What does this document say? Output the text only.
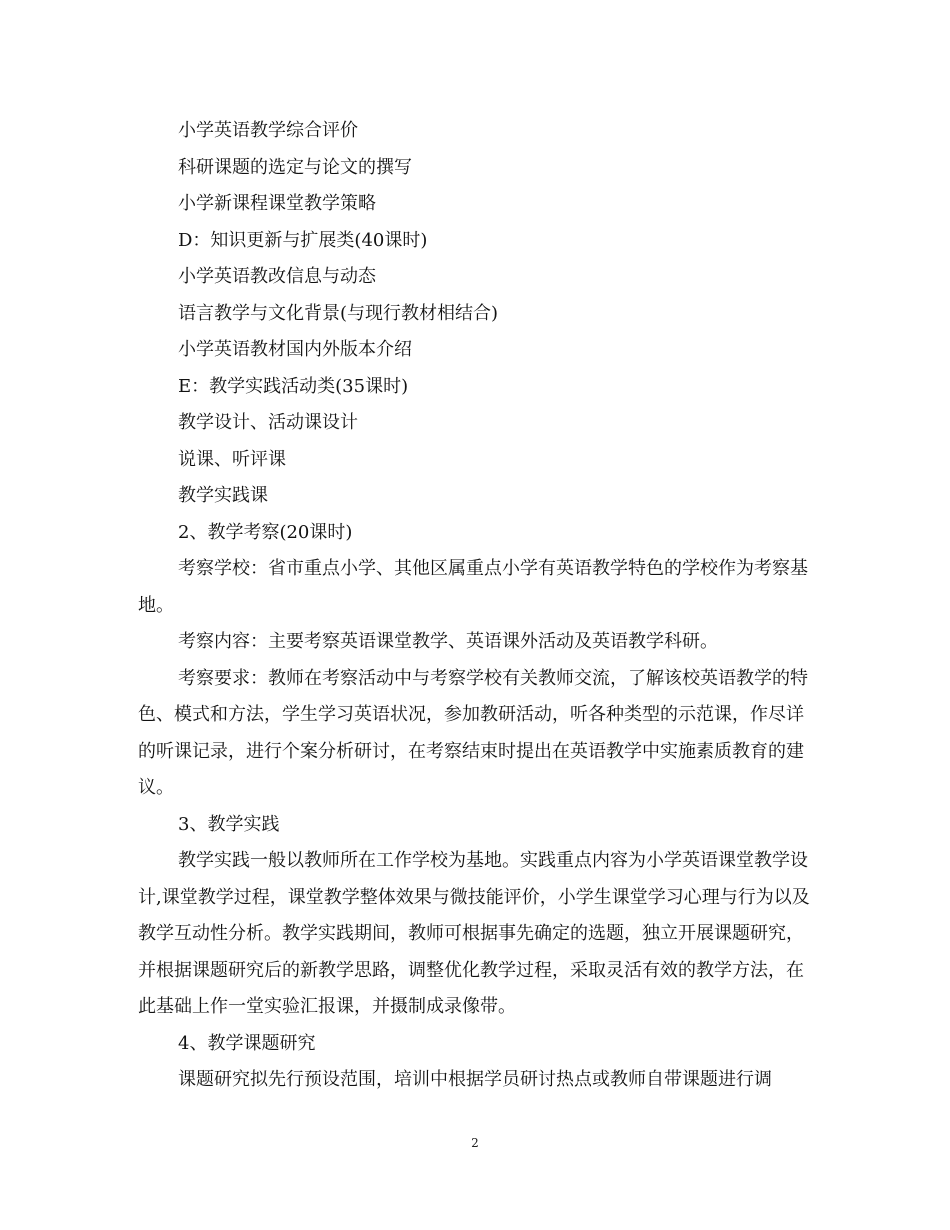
小学英语教学综合评价

科研课题的选定与论文的撰写

小学新课程课堂教学策略

D：知识更新与扩展类(40课时)

小学英语教改信息与动态

语言教学与文化背景(与现行教材相结合)

小学英语教材国内外版本介绍

E：教学实践活动类(35课时)

教学设计、活动课设计

说课、听评课

教学实践课

2、教学考察(20课时)

考察学校：省市重点小学、其他区属重点小学有英语教学特色的学校作为考察基地。

考察内容：主要考察英语课堂教学、英语课外活动及英语教学科研。

考察要求：教师在考察活动中与考察学校有关教师交流，了解该校英语教学的特色、模式和方法，学生学习英语状况，参加教研活动，听各种类型的示范课，作尽详的听课记录，进行个案分析研讨，在考察结束时提出在英语教学中实施素质教育的建议。

3、教学实践

教学实践一般以教师所在工作学校为基地。实践重点内容为小学英语课堂教学设计,课堂教学过程，课堂教学整体效果与微技能评价，小学生课堂学习心理与行为以及教学互动性分析。教学实践期间，教师可根据事先确定的选题，独立开展课题研究，并根据课题研究后的新教学思路，调整优化教学过程，采取灵活有效的教学方法，在此基础上作一堂实验汇报课，并摄制成录像带。

4、教学课题研究

课题研究拟先行预设范围，培训中根据学员研讨热点或教师自带课题进行调

2
